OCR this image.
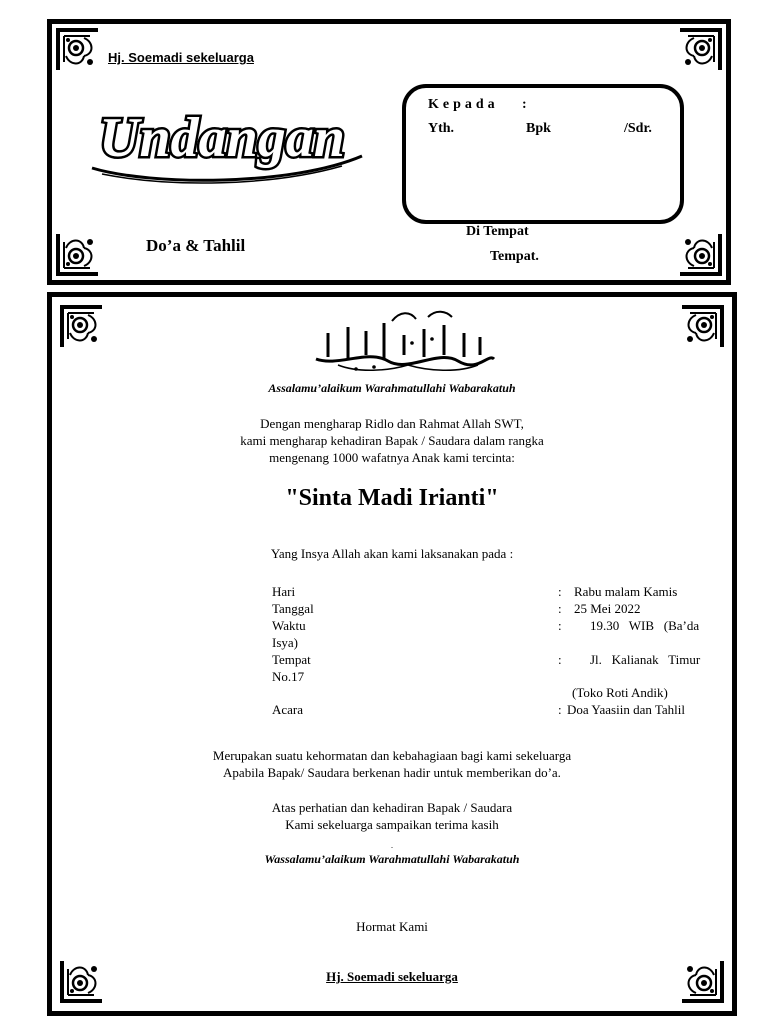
Hj. Soemadi sekeluarga
Undangan
Do’a & Tahlil
Kepada :
Yth.	Bpk	/Sdr.
Di Tempat
Tempat.
Assalamu’alaikum Warahmatullahi Wabarakatuh
Dengan mengharap Ridlo dan Rahmat Allah SWT,
kami mengharap kehadiran Bapak / Saudara dalam rangka
mengenang 1000 wafatnya Anak kami tercinta:
"Sinta Madi Irianti"
Yang Insya Allah akan kami laksanakan pada :
Hari	: Rabu malam Kamis
Tanggal	: 25 Mei 2022
Waktu	: 19.30   WIB   (Ba’da
Isya)
Tempat	: Jl.   Kalianak   Timur
No.17
(Toko Roti Andik)
Acara	: Doa Yaasiin dan Tahlil
Merupakan suatu kehormatan dan kebahagiaan bagi kami sekeluarga
Apabila Bapak/ Saudara berkenan hadir untuk memberikan do’a.
Atas perhatian dan kehadiran Bapak / Saudara
Kami sekeluarga sampaikan terima kasih
.
Wassalamu’alaikum Warahmatullahi Wabarakatuh
Hormat Kami
Hj. Soemadi sekeluarga
